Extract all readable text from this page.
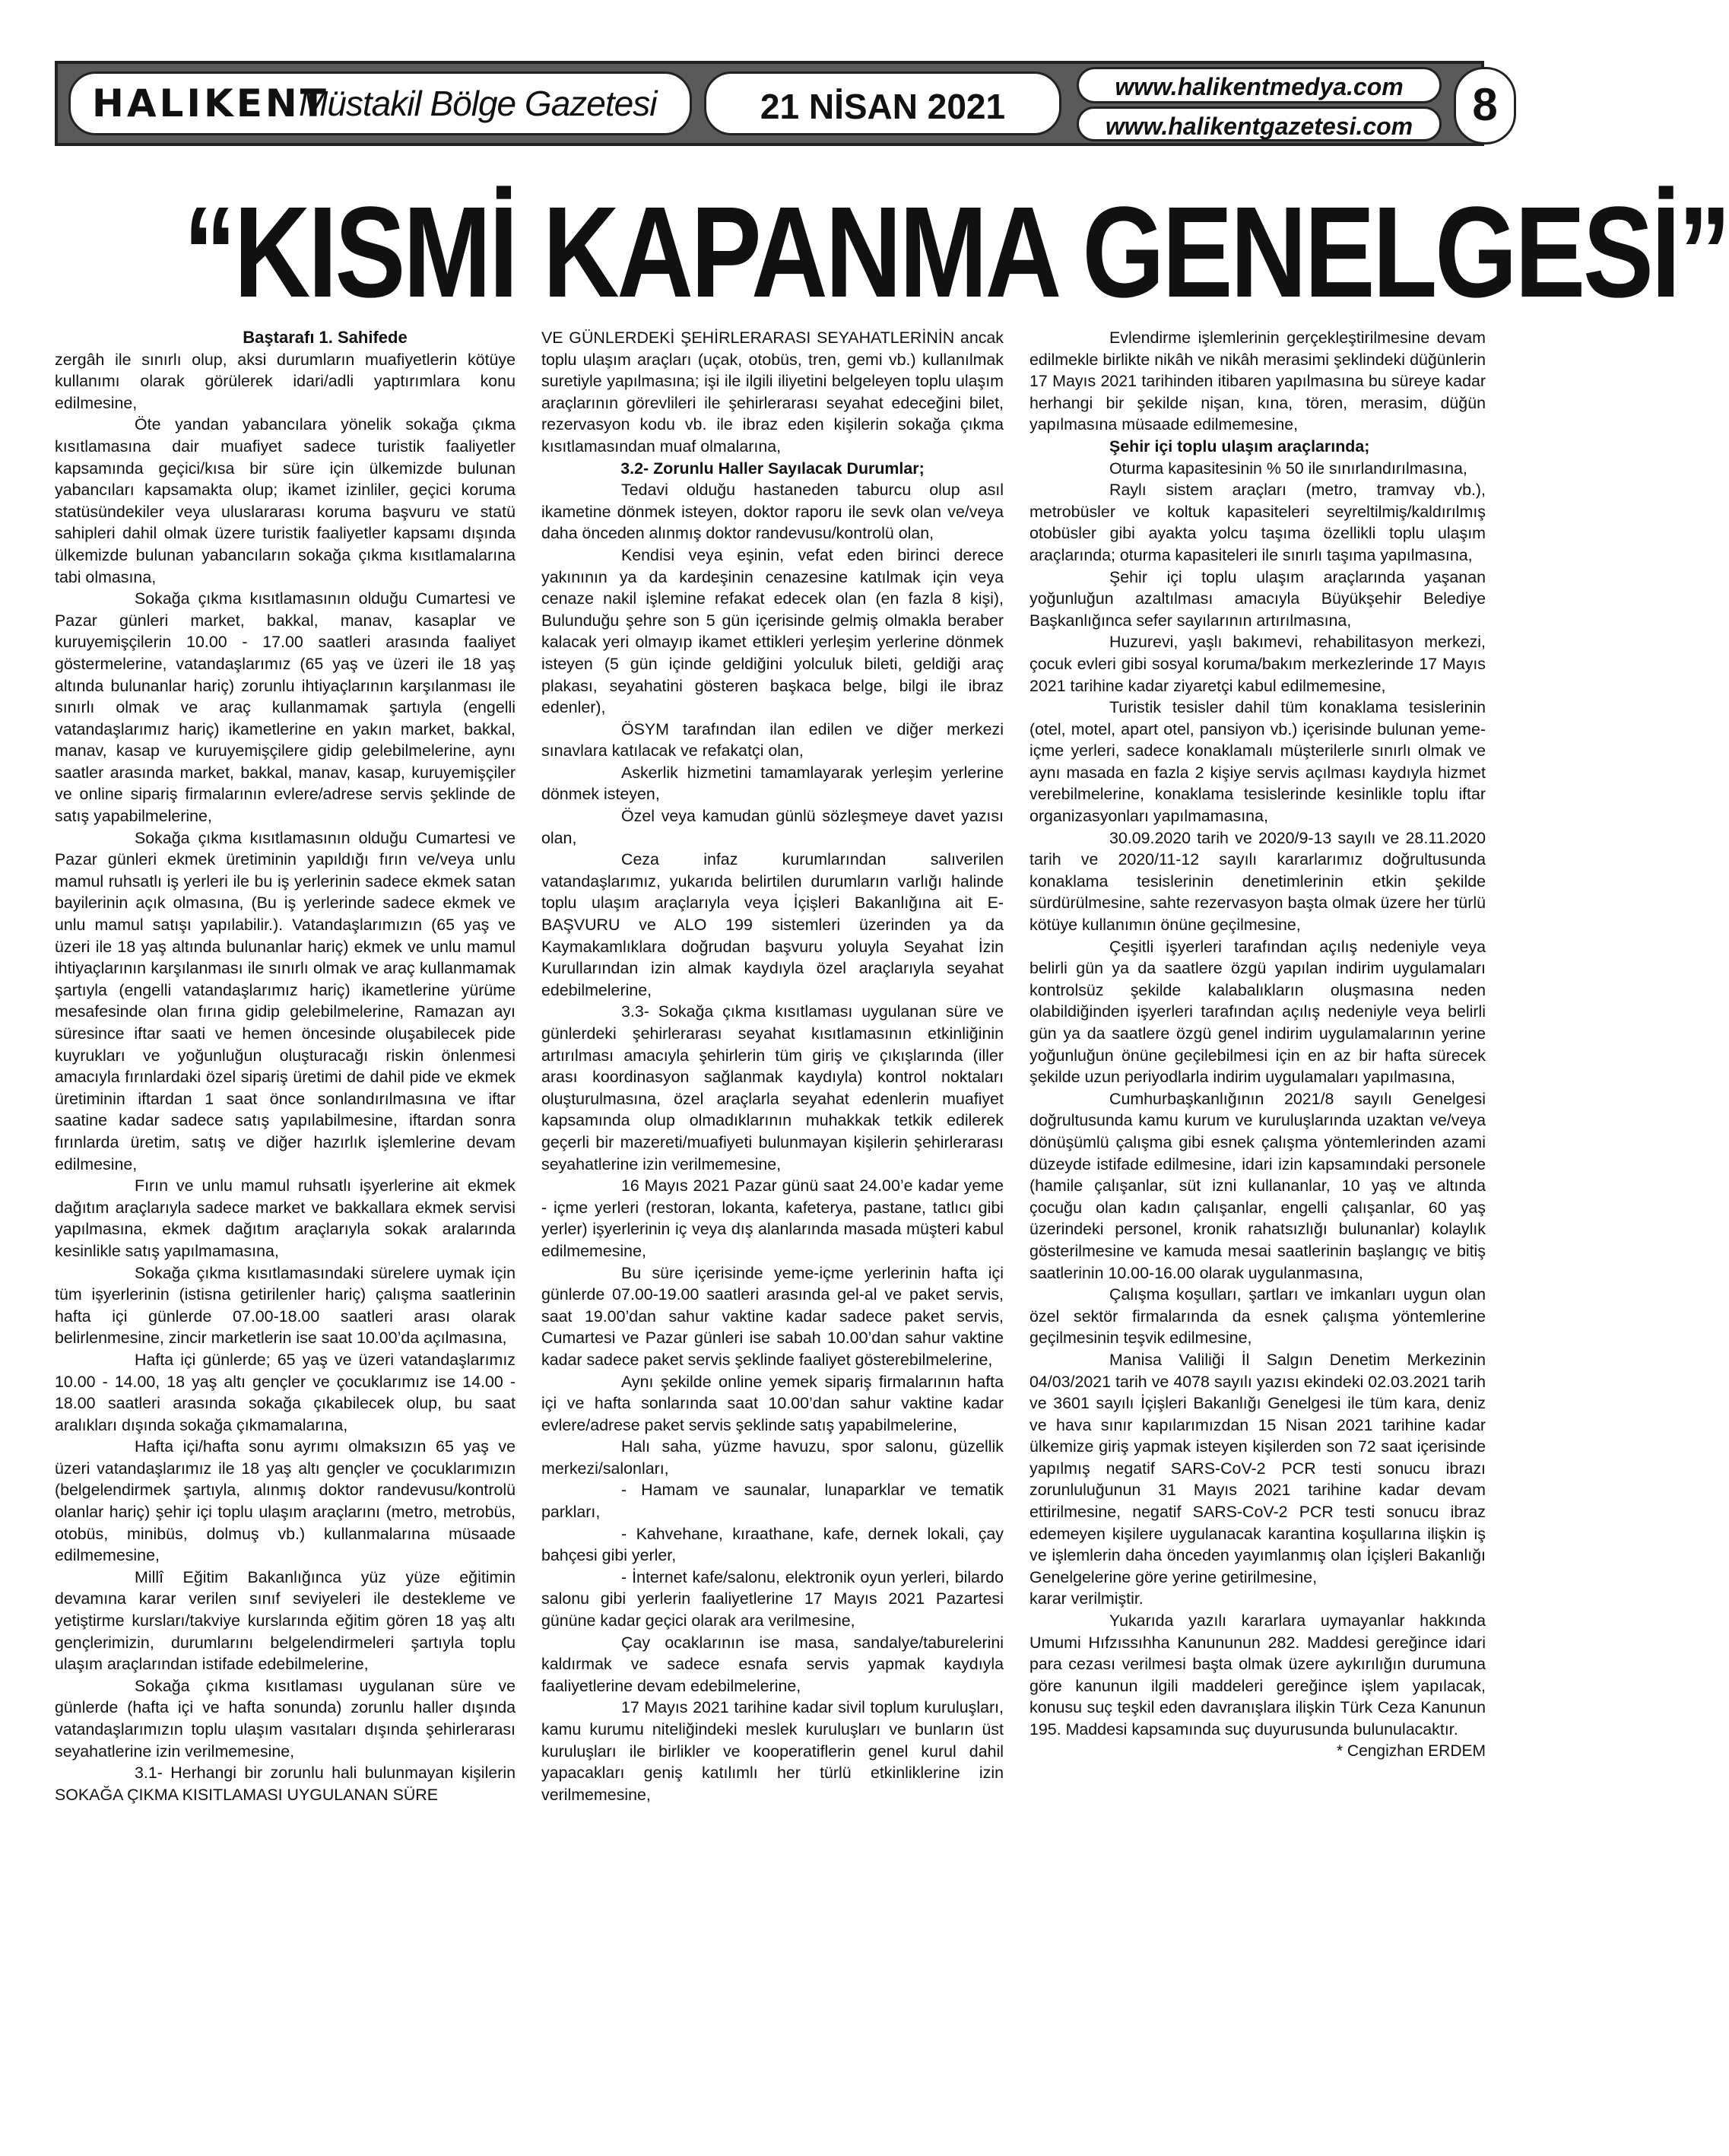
HALIKENT
Müstakil Bölge Gazetesi	21 NİSAN 2021	www.halikentmedya.com
www.halikentgazetesi.com	8
“KISMİ KAPANMA GENELGESİ”

Baştarafı 1. Sahifede

zergâh ile sınırlı olup, aksi durumların muafiyetlerin kötüye kullanımı olarak görülerek idari/adli yaptırımlara konu edilmesine,

Öte yandan yabancılara yönelik sokağa çıkma kısıtlamasına dair muafiyet sadece turistik faaliyetler kapsamında geçici/kısa bir süre için ülkemizde bulunan yabancıları kapsamakta olup; ikamet izinliler, geçici koruma statüsündekiler veya uluslararası koruma başvuru ve statü sahipleri dahil olmak üzere turistik faaliyetler kapsamı dışında ülkemizde bulunan yabancıların sokağa çıkma kısıtlamalarına tabi olmasına,

Sokağa çıkma kısıtlamasının olduğu Cumartesi ve Pazar günleri market, bakkal, manav, kasaplar ve kuruyemişçilerin 10.00 - 17.00 saatleri arasında faaliyet göstermelerine, vatandaşlarımız (65 yaş ve üzeri ile 18 yaş altında bulunanlar hariç) zorunlu ihtiyaçlarının karşılanması ile sınırlı olmak ve araç kullanmamak şartıyla (engelli vatandaşlarımız hariç) ikametlerine en yakın market, bakkal, manav, kasap ve kuruyemişçilere gidip gelebilmelerine, aynı saatler arasında market, bakkal, manav, kasap, kuruyemişçiler ve online sipariş firmalarının evlere/adrese servis şeklinde de satış yapabilmelerine,

Sokağa çıkma kısıtlamasının olduğu Cumartesi ve Pazar günleri ekmek üretiminin yapıldığı fırın ve/veya unlu mamul ruhsatlı iş yerleri ile bu iş yerlerinin sadece ekmek satan bayilerinin açık olmasına, (Bu iş yerlerinde sadece ekmek ve unlu mamul satışı yapılabilir.). Vatandaşlarımızın (65 yaş ve üzeri ile 18 yaş altında bulunanlar hariç) ekmek ve unlu mamul ihtiyaçlarının karşılanması ile sınırlı olmak ve araç kullanmamak şartıyla (engelli vatandaşlarımız hariç) ikametlerine yürüme mesafesinde olan fırına gidip gelebilmelerine, Ramazan ayı süresince iftar saati ve hemen öncesinde oluşabilecek pide kuyrukları ve yoğunluğun oluşturacağı riskin önlenmesi amacıyla fırınlardaki özel sipariş üretimi de dahil pide ve ekmek üretiminin iftardan 1 saat önce sonlandırılmasına ve iftar saatine kadar sadece satış yapılabilmesine, iftardan sonra fırınlarda üretim, satış ve diğer hazırlık işlemlerine devam edilmesine,

Fırın ve unlu mamul ruhsatlı işyerlerine ait ekmek dağıtım araçlarıyla sadece market ve bakkallara ekmek servisi yapılmasına, ekmek dağıtım araçlarıyla sokak aralarında kesinlikle satış yapılmamasına,

Sokağa çıkma kısıtlamasındaki sürelere uymak için tüm işyerlerinin (istisna getirilenler hariç) çalışma saatlerinin hafta içi günlerde 07.00-18.00 saatleri arası olarak belirlenmesine, zincir marketlerin ise saat 10.00’da açılmasına,

Hafta içi günlerde; 65 yaş ve üzeri vatandaşlarımız 10.00 - 14.00, 18 yaş altı gençler ve çocuklarımız ise 14.00 - 18.00 saatleri arasında sokağa çıkabilecek olup, bu saat aralıkları dışında sokağa çıkmamalarına,

Hafta içi/hafta sonu ayrımı olmaksızın 65 yaş ve üzeri vatandaşlarımız ile 18 yaş altı gençler ve çocuklarımızın (belgelendirmek şartıyla, alınmış doktor randevusu/kontrolü olanlar hariç) şehir içi toplu ulaşım araçlarını (metro, metrobüs, otobüs, minibüs, dolmuş vb.) kullanmalarına müsaade edilmemesine,

Millî Eğitim Bakanlığınca yüz yüze eğitimin devamına karar verilen sınıf seviyeleri ile destekleme ve yetiştirme kursları/takviye kurslarında eğitim gören 18 yaş altı gençlerimizin, durumlarını belgelendirmeleri şartıyla toplu ulaşım araçlarından istifade edebilmelerine,

Sokağa çıkma kısıtlaması uygulanan süre ve günlerde (hafta içi ve hafta sonunda) zorunlu haller dışında vatandaşlarımızın toplu ulaşım vasıtaları dışında şehirlerarası seyahatlerine izin verilmemesine,

3.1- Herhangi bir zorunlu hali bulunmayan kişilerin SOKAĞA ÇIKMA KISITLAMASI UYGULANAN SÜRE

VE GÜNLERDEKİ ŞEHİRLERARASI SEYAHATLERİNİN ancak toplu ulaşım araçları (uçak, otobüs, tren, gemi vb.) kullanılmak suretiyle yapılmasına; işi ile ilgili iliyetini belgeleyen toplu ulaşım araçlarının görevlileri ile şehirlerarası seyahat edeceğini bilet, rezervasyon kodu vb. ile ibraz eden kişilerin sokağa çıkma kısıtlamasından muaf olmalarına,

3.2- Zorunlu Haller Sayılacak Durumlar;

Tedavi olduğu hastaneden taburcu olup asıl ikametine dönmek isteyen, doktor raporu ile sevk olan ve/veya daha önceden alınmış doktor randevusu/kontrolü olan,

Kendisi veya eşinin, vefat eden birinci derece yakınının ya da kardeşinin cenazesine katılmak için veya cenaze nakil işlemine refakat edecek olan (en fazla 8 kişi), Bulunduğu şehre son 5 gün içerisinde gelmiş olmakla beraber kalacak yeri olmayıp ikamet ettikleri yerleşim yerlerine dönmek isteyen (5 gün içinde geldiğini yolculuk bileti, geldiği araç plakası, seyahatini gösteren başkaca belge, bilgi ile ibraz edenler),

ÖSYM tarafından ilan edilen ve diğer merkezi sınavlara katılacak ve refakatçi olan,

Askerlik hizmetini tamamlayarak yerleşim yerlerine dönmek isteyen,

Özel veya kamudan günlü sözleşmeye davet yazısı olan,

Ceza infaz kurumlarından salıverilen vatandaşlarımız, yukarıda belirtilen durumların varlığı halinde toplu ulaşım araçlarıyla veya İçişleri Bakanlığına ait E-BAŞVURU ve ALO 199 sistemleri üzerinden ya da Kaymakamlıklara doğrudan başvuru yoluyla Seyahat İzin Kurullarından izin almak kaydıyla özel araçlarıyla seyahat edebilmelerine,

3.3- Sokağa çıkma kısıtlaması uygulanan süre ve günlerdeki şehirlerarası seyahat kısıtlamasının etkinliğinin artırılması amacıyla şehirlerin tüm giriş ve çıkışlarında (iller arası koordinasyon sağlanmak kaydıyla) kontrol noktaları oluşturulmasına, özel araçlarla seyahat edenlerin muafiyet kapsamında olup olmadıklarının muhakkak tetkik edilerek geçerli bir mazereti/muafiyeti bulunmayan kişilerin şehirlerarası seyahatlerine izin verilmemesine,

16 Mayıs 2021 Pazar günü saat 24.00’e kadar yeme - içme yerleri (restoran, lokanta, kafeterya, pastane, tatlıcı gibi yerler) işyerlerinin iç veya dış alanlarında masada müşteri kabul edilmemesine,

Bu süre içerisinde yeme-içme yerlerinin hafta içi günlerde 07.00-19.00 saatleri arasında gel-al ve paket servis, saat 19.00’dan sahur vaktine kadar sadece paket servis, Cumartesi ve Pazar günleri ise sabah 10.00’dan sahur vaktine kadar sadece paket servis şeklinde faaliyet gösterebilmelerine,

Aynı şekilde online yemek sipariş firmalarının hafta içi ve hafta sonlarında saat 10.00’dan sahur vaktine kadar evlere/adrese paket servis şeklinde satış yapabilmelerine,

Halı saha, yüzme havuzu, spor salonu, güzellik merkezi/salonları,

- Hamam ve saunalar, lunaparklar ve tematik parkları,

- Kahvehane, kıraathane, kafe, dernek lokali, çay bahçesi gibi yerler,

- İnternet kafe/salonu, elektronik oyun yerleri, bilardo salonu gibi yerlerin faaliyetlerine 17 Mayıs 2021 Pazartesi gününe kadar geçici olarak ara verilmesine,

Çay ocaklarının ise masa, sandalye/taburelerini kaldırmak ve sadece esnafa servis yapmak kaydıyla faaliyetlerine devam edebilmelerine,

17 Mayıs 2021 tarihine kadar sivil toplum kuruluşları, kamu kurumu niteliğindeki meslek kuruluşları ve bunların üst kuruluşları ile birlikler ve kooperatiflerin genel kurul dahil yapacakları geniş katılımlı her türlü etkinliklerine izin verilmemesine,

Evlendirme işlemlerinin gerçekleştirilmesine devam edilmekle birlikte nikâh ve nikâh merasimi şeklindeki düğünlerin 17 Mayıs 2021 tarihinden itibaren yapılmasına bu süreye kadar herhangi bir şekilde nişan, kına, tören, merasim, düğün yapılmasına müsaade edilmemesine,

Şehir içi toplu ulaşım araçlarında;

Oturma kapasitesinin % 50 ile sınırlandırılmasına,

Raylı sistem araçları (metro, tramvay vb.), metrobüsler ve koltuk kapasiteleri seyreltilmiş/kaldırılmış otobüsler gibi ayakta yolcu taşıma özellikli toplu ulaşım araçlarında; oturma kapasiteleri ile sınırlı taşıma yapılmasına,

Şehir içi toplu ulaşım araçlarında yaşanan yoğunluğun azaltılması amacıyla Büyükşehir Belediye Başkanlığınca sefer sayılarının artırılmasına,

Huzurevi, yaşlı bakımevi, rehabilitasyon merkezi, çocuk evleri gibi sosyal koruma/bakım merkezlerinde 17 Mayıs 2021 tarihine kadar ziyaretçi kabul edilmemesine,

Turistik tesisler dahil tüm konaklama tesislerinin (otel, motel, apart otel, pansiyon vb.) içerisinde bulunan yeme-içme yerleri, sadece konaklamalı müşterilerle sınırlı olmak ve aynı masada en fazla 2 kişiye servis açılması kaydıyla hizmet verebilmelerine, konaklama tesislerinde kesinlikle toplu iftar organizasyonları yapılmamasına,

30.09.2020 tarih ve 2020/9-13 sayılı ve 28.11.2020 tarih ve 2020/11-12 sayılı kararlarımız doğrultusunda konaklama tesislerinin denetimlerinin etkin şekilde sürdürülmesine, sahte rezervasyon başta olmak üzere her türlü kötüye kullanımın önüne geçilmesine,

Çeşitli işyerleri tarafından açılış nedeniyle veya belirli gün ya da saatlere özgü yapılan indirim uygulamaları kontrolsüz şekilde kalabalıkların oluşmasına neden olabildiğinden işyerleri tarafından açılış nedeniyle veya belirli gün ya da saatlere özgü genel indirim uygulamalarının yerine yoğunluğun önüne geçilebilmesi için en az bir hafta sürecek şekilde uzun periyodlarla indirim uygulamaları yapılmasına,

Cumhurbaşkanlığının 2021/8 sayılı Genelgesi doğrultusunda kamu kurum ve kuruluşlarında uzaktan ve/veya dönüşümlü çalışma gibi esnek çalışma yöntemlerinden azami düzeyde istifade edilmesine, idari izin kapsamındaki personele (hamile çalışanlar, süt izni kullananlar, 10 yaş ve altında çocuğu olan kadın çalışanlar, engelli çalışanlar, 60 yaş üzerindeki personel, kronik rahatsızlığı bulunanlar) kolaylık gösterilmesine ve kamuda mesai saatlerinin başlangıç ve bitiş saatlerinin 10.00-16.00 olarak uygulanmasına,

Çalışma koşulları, şartları ve imkanları uygun olan özel sektör firmalarında da esnek çalışma yöntemlerine geçilmesinin teşvik edilmesine,

Manisa Valiliği İl Salgın Denetim Merkezinin 04/03/2021 tarih ve 4078 sayılı yazısı ekindeki 02.03.2021 tarih ve 3601 sayılı İçişleri Bakanlığı Genelgesi ile tüm kara, deniz ve hava sınır kapılarımızdan 15 Nisan 2021 tarihine kadar ülkemize giriş yapmak isteyen kişilerden son 72 saat içerisinde yapılmış negatif SARS-CoV-2 PCR testi sonucu ibrazı zorunluluğunun 31 Mayıs 2021 tarihine kadar devam ettirilmesine, negatif SARS-CoV-2 PCR testi sonucu ibraz edemeyen kişilere uygulanacak karantina koşullarına ilişkin iş ve işlemlerin daha önceden yayımlanmış olan İçişleri Bakanlığı Genelgelerine göre yerine getirilmesine,

karar verilmiştir.

Yukarıda yazılı kararlara uymayanlar hakkında Umumi Hıfzıssıhha Kanununun 282. Maddesi gereğince idari para cezası verilmesi başta olmak üzere aykırılığın durumuna göre kanunun ilgili maddeleri gereğince işlem yapılacak, konusu suç teşkil eden davranışlara ilişkin Türk Ceza Kanunun 195. Maddesi kapsamında suç duyurusunda bulunulacaktır.

* Cengizhan ERDEM
